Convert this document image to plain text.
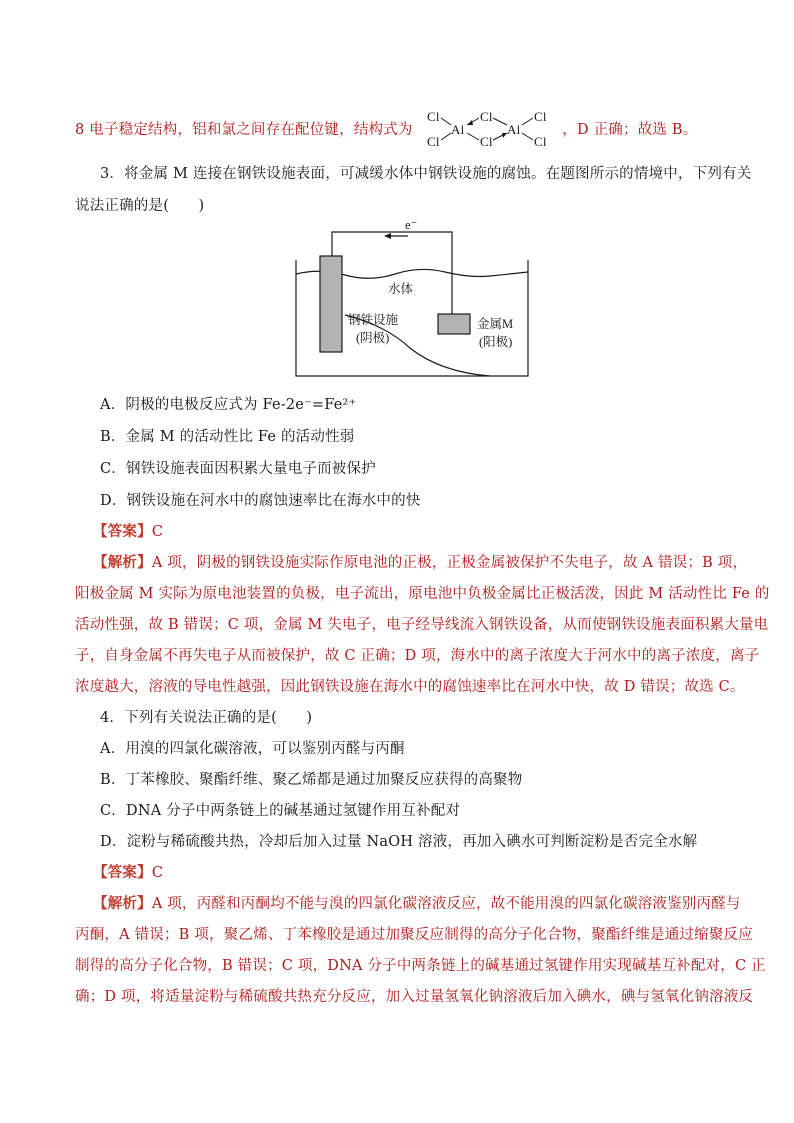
8 电子稳定结构，铝和氯之间存在配位键，结构式为
Cl
Cl
Al
Cl
Cl
Al
Cl
Cl
，D 正确；故选 B。
3．将金属 M 连接在钢铁设施表面，可减缓水体中钢铁设施的腐蚀。在题图所示的情境中，下列有关
说法正确的是(　　)
e⁻
水体
钢铁设施
(阴极)
金属M
(阳极)
A．阴极的电极反应式为 Fe-2e⁻=Fe²⁺
B．金属 M 的活动性比 Fe 的活动性弱
C．钢铁设施表面因积累大量电子而被保护
D．钢铁设施在河水中的腐蚀速率比在海水中的快
【答案】C
【解析】A 项，阴极的钢铁设施实际作原电池的正极，正极金属被保护不失电子，故 A 错误；B 项，
阳极金属 M 实际为原电池装置的负极，电子流出，原电池中负极金属比正极活泼，因此 M 活动性比 Fe 的
活动性强，故 B 错误；C 项，金属 M 失电子，电子经导线流入钢铁设备，从而使钢铁设施表面积累大量电
子，自身金属不再失电子从而被保护，故 C 正确；D 项，海水中的离子浓度大于河水中的离子浓度，离子
浓度越大，溶液的导电性越强，因此钢铁设施在海水中的腐蚀速率比在河水中快，故 D 错误；故选 C。
4．下列有关说法正确的是(　　)
A．用溴的四氯化碳溶液，可以鉴别丙醛与丙酮
B．丁苯橡胶、聚酯纤维、聚乙烯都是通过加聚反应获得的高聚物
C．DNA 分子中两条链上的碱基通过氢键作用互补配对
D．淀粉与稀硫酸共热，冷却后加入过量 NaOH 溶液，再加入碘水可判断淀粉是否完全水解
【答案】C
【解析】A 项，丙醛和丙酮均不能与溴的四氯化碳溶液反应，故不能用溴的四氯化碳溶液鉴别丙醛与
丙酮，A 错误；B 项，聚乙烯、丁苯橡胶是通过加聚反应制得的高分子化合物，聚酯纤维是通过缩聚反应
制得的高分子化合物，B 错误；C 项，DNA 分子中两条链上的碱基通过氢键作用实现碱基互补配对，C 正
确；D 项，将适量淀粉与稀硫酸共热充分反应，加入过量氢氧化钠溶液后加入碘水，碘与氢氧化钠溶液反
